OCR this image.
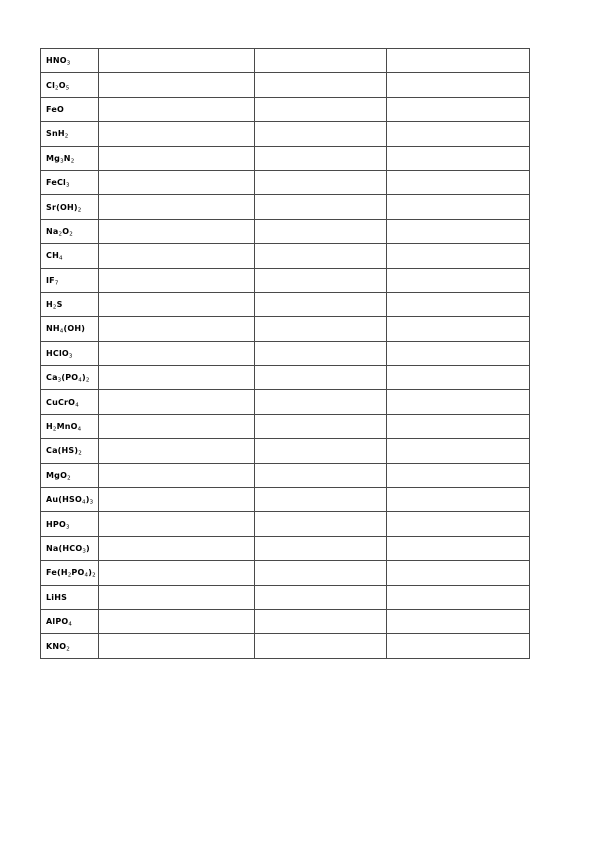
$HNO_3$			
$Cl_2O_5$			
FeO			
SnH$_2$			
$Mg_3N_2$			
FeCl$_3$			
$Sr(OH)_2$			
$Na_2O_2$			
$CH_4$			
$IF_7$			
$H_2S$			
$NH_4(OH)$			
HClO$_3$			
$Ca_3(PO_4)_2$			
CuCrO$_4$			
$H_2MnO_4$			
$Ca(HS)_2$			
MgO$_2$			
$Au(HSO_4)_3$			
$HPO_3$			
$Na(HCO_3)$			
$Fe(H_2PO_4)_2$			
LiHS			
AlPO$_4$			
$KNO_2$			
